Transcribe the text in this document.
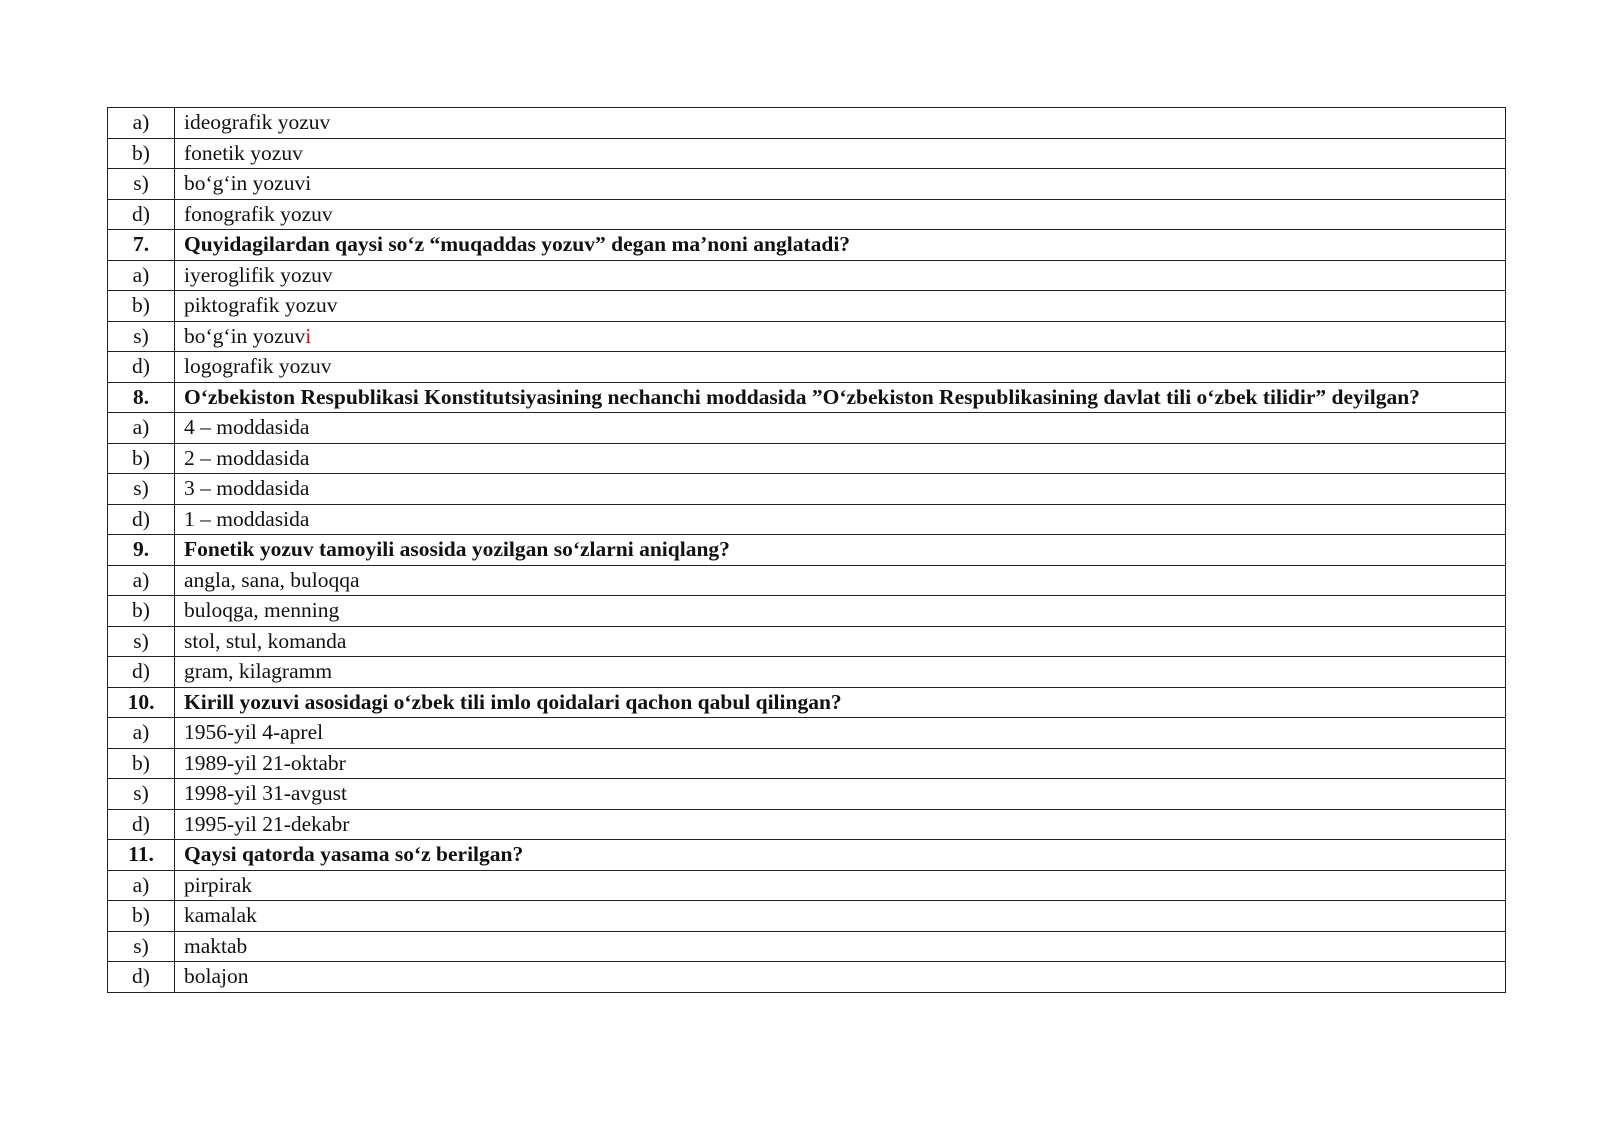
a)	ideografik yozuv
b)	fonetik yozuv
s)	bo‘g‘in yozuvi
d)	fonografik yozuv
7.	Quyidagilardan qaysi so‘z “muqaddas yozuv” degan ma’noni anglatadi?
a)	iyeroglifik yozuv
b)	piktografik yozuv
s)	bo‘g‘in yozuvi
d)	logografik yozuv
8.	O‘zbekiston Respublikasi Konstitutsiyasining nechanchi moddasida ”O‘zbekiston Respublikasining davlat tili o‘zbek tilidir” deyilgan?
a)	4 – moddasida
b)	2 – moddasida
s)	3 – moddasida
d)	1 – moddasida
9.	Fonetik yozuv tamoyili asosida yozilgan so‘zlarni aniqlang?
a)	angla, sana, buloqqa
b)	buloqga, menning
s)	stol, stul, komanda
d)	gram, kilagramm
10.	Kirill yozuvi asosidagi o‘zbek tili imlo qoidalari qachon qabul qilingan?
a)	1956-yil 4-aprel
b)	1989-yil 21-oktabr
s)	1998-yil 31-avgust
d)	1995-yil 21-dekabr
11.	Qaysi qatorda yasama so‘z berilgan?
a)	pirpirak
b)	kamalak
s)	maktab
d)	bolajon
